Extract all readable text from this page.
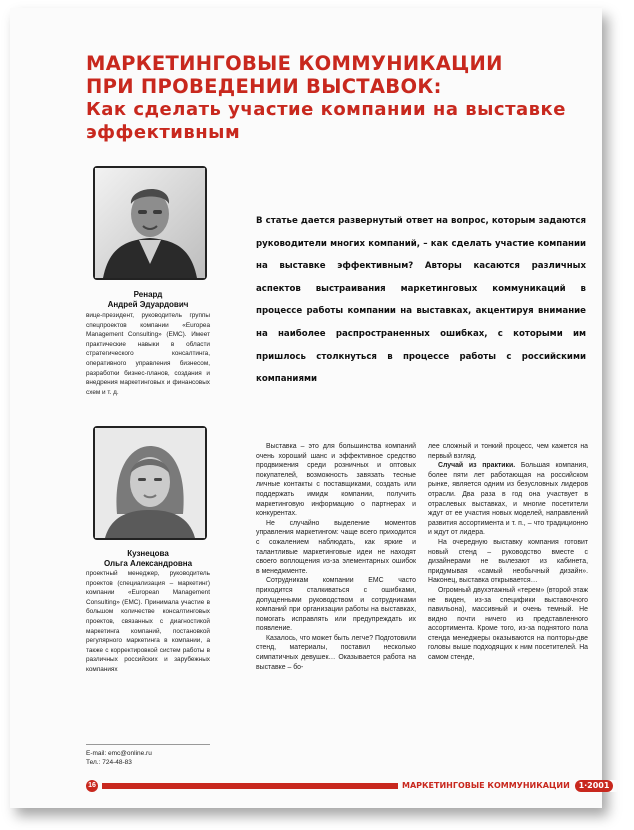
МАРКЕТИНГОВЫЕ КОММУНИКАЦИИ
ПРИ ПРОВЕДЕНИИ ВЫСТАВОК:
Как сделать участие компании на выставке
эффективным
Ренард
Андрей Эдуардович
вице-президент, руководитель группы спецпроектов компании «Europea Management Consulting» (EMC). Имеет практические навыки в области стратегического консалтинга, оперативного управления бизнесом, разработки бизнес-планов, создания и внедрения маркетинговых и финансовых схем и т. д.
Кузнецова
Ольга Александровна
проектный менеджер, руководитель проектов (специализация – маркетинг) компании «European Management Consulting» (EMC). Принимала участие в большом количестве консалтинговых проектов, связанных с диагностикой маркетинга компаний, постановкой регулярного маркетинга в компании, а также с корректировкой систем работы в различных российских и зарубежных компаниях
E-mail: emc@online.ru
Тел.: 724-48-83

В статье дается развернутый ответ на вопрос, которым задаются руководители многих компаний, – как сделать участие компании на выставке эффективным? Авторы касаются различных аспектов выстраивания маркетинговых коммуникаций в процессе работы компании на выставках, акцентируя внимание на наиболее распространенных ошибках, с которыми им пришлось столкнуться в процессе работы с российскими компаниями

Выставка – это для большинства компаний очень хороший шанс и эффективное средство продвижения среди розничных и оптовых покупателей, возможность завязать тесные личные контакты с поставщиками, создать или поддержать имидж компании, получить маркетинговую информацию о партнерах и конкурентах.

Не случайно выделение моментов управления маркетингом: чаще всего приходится с сожалением наблюдать, как яркие и талантливые маркетинговые идеи не находят своего воплощения из-за элементарных ошибок в менеджменте.

Сотрудникам компании EMC часто приходится сталкиваться с ошибками, допущенными руководством и сотрудниками компаний при организации работы на выставках, помогать исправлять или предупреждать их появление.

Казалось, что может быть легче? Подготовили стенд, материалы, поставил несколько симпатичных девушек… Оказывается работа на выставке – бо-

лее сложный и тонкий процесс, чем кажется на первый взгляд.

Случай из практики. Большая компания, более пяти лет работающая на российском рынке, является одним из безусловных лидеров отрасли. Два раза в год она участвует в отраслевых выставках, и многие посетители ждут от ее участия новых моделей, направлений развития ассортимента и т. п., – что традиционно и ждут от лидера.

На очередную выставку компания готовит новый стенд – руководство вместе с дизайнерами не вылезают из кабинета, придумывая «самый необычный дизайн». Наконец, выставка открывается…

Огромный двухэтажный «терем» (второй этаж не виден, из-за специфики выставочного павильона), массивный и очень темный. Не видно почти ничего из представленного ассортимента. Кроме того, из-за поднятого пола стенда менеджеры оказываются на полторы-две головы выше подходящих к ним посетителей. На самом стенде,

16	МАРКЕТИНГОВЫЕ КОММУНИКАЦИИ 1·2001
